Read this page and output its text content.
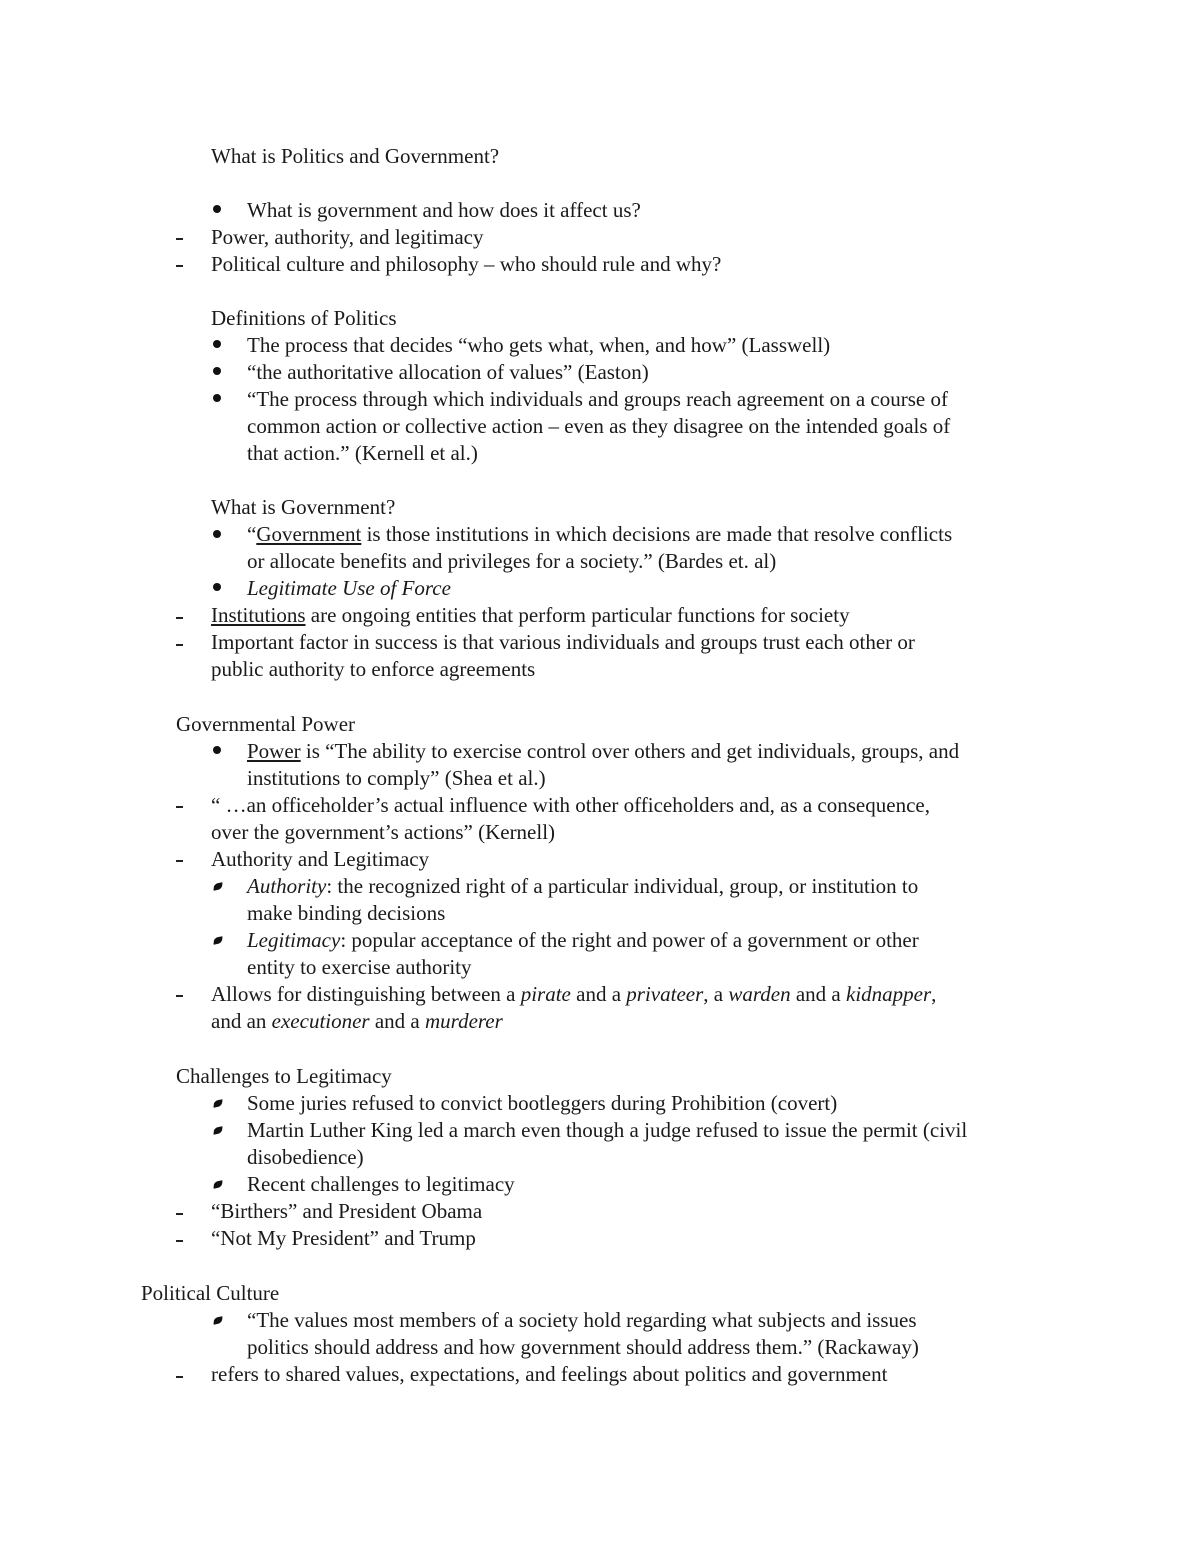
What is Politics and Government?
What is government and how does it affect us?
Power, authority, and legitimacy
Political culture and philosophy – who should rule and why?
Definitions of Politics
The process that decides “who gets what, when, and how” (Lasswell)
“the authoritative allocation of values” (Easton)
“The process through which individuals and groups reach agreement on a course of
common action or collective action – even as they disagree on the intended goals of
that action.” (Kernell et al.)
What is Government?
“Government is those institutions in which decisions are made that resolve conflicts
or allocate benefits and privileges for a society.” (Bardes et. al)
Legitimate Use of Force
Institutions are ongoing entities that perform particular functions for society
Important factor in success is that various individuals and groups trust each other or
public authority to enforce agreements
Governmental Power
Power is “The ability to exercise control over others and get individuals, groups, and
institutions to comply” (Shea et al.)
“ …an officeholder’s actual influence with other officeholders and, as a consequence,
over the government’s actions” (Kernell)
Authority and Legitimacy
Authority: the recognized right of a particular individual, group, or institution to
make binding decisions
Legitimacy: popular acceptance of the right and power of a government or other
entity to exercise authority
Allows for distinguishing between a pirate and a privateer, a warden and a kidnapper,
and an executioner and a murderer
Challenges to Legitimacy
Some juries refused to convict bootleggers during Prohibition (covert)
Martin Luther King led a march even though a judge refused to issue the permit (civil
disobedience)
Recent challenges to legitimacy
“Birthers” and President Obama
“Not My President” and Trump
Political Culture
“The values most members of a society hold regarding what subjects and issues
politics should address and how government should address them.” (Rackaway)
refers to shared values, expectations, and feelings about politics and government
